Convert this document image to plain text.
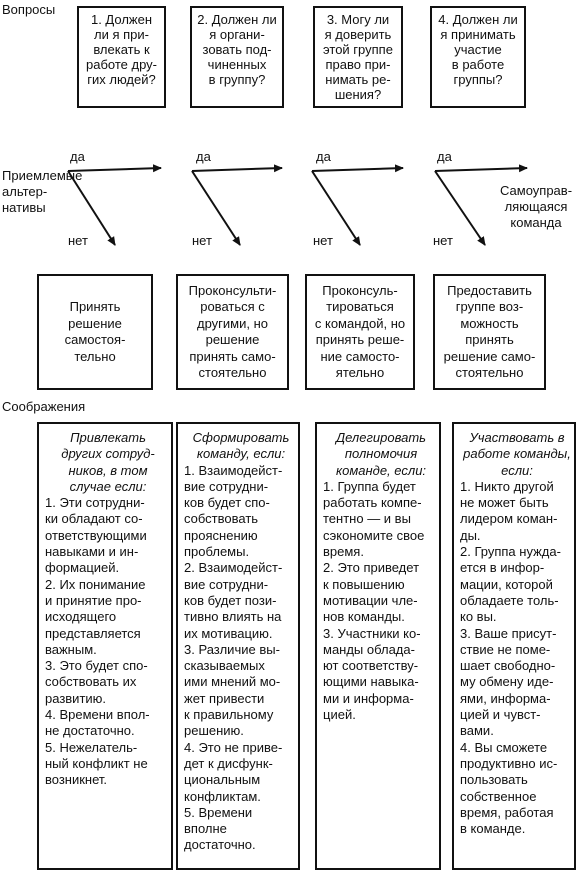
Вопросы
Приемлемые
альтер-
нативы
Соображения
1. Должен
ли я при-
влекать к
работе дру-
гих людей?
2. Должен ли
я органи-
зовать под-
чиненных
в группу?
3. Могу ли
я доверить
этой группе
право при-
нимать ре-
шения?
4. Должен ли
я принимать
участие
в работе
группы?
да	да	да	да
нет	нет	нет	нет
Самоуправ-
ляющаяся
команда
Принять
решение
самостоя-
тельно
Проконсульти-
роваться с
другими, но
решение
принять само-
стоятельно
Проконсуль-
тироваться
с командой, но
принять реше-
ние самосто-
ятельно
Предоставить
группе воз-
можность
принять
решение само-
стоятельно
Привлекать
других сотруд-
ников, в том
случае если:
1. Эти сотрудни-
ки обладают со-
ответствующими
навыками и ин-
формацией.
2. Их понимание
и принятие про-
исходящего
представляется
важным.
3. Это будет спо-
собствовать их
развитию.
4. Времени впол-
не достаточно.
5. Нежелатель-
ный конфликт не
возникнет.
Сформировать
команду, если:
1. Взаимодейст-
вие сотрудни-
ков будет спо-
собствовать
прояснению
проблемы.
2. Взаимодейст-
вие сотрудни-
ков будет пози-
тивно влиять на
их мотивацию.
3. Различие вы-
сказываемых
ими мнений мо-
жет привести
к правильному
решению.
4. Это не приве-
дет к дисфунк-
циональным
конфликтам.
5. Времени
вполне
достаточно.
Делегировать
полномочия
команде, если:
1. Группа будет
работать компе-
тентно — и вы
сэкономите свое
время.
2. Это приведет
к повышению
мотивации чле-
нов команды.
3. Участники ко-
манды облада-
ют соответству-
ющими навыка-
ми и информа-
цией.
Участвовать в
работе команды,
если:
1. Никто другой
не может быть
лидером коман-
ды.
2. Группа нужда-
ется в инфор-
мации, которой
обладаете толь-
ко вы.
3. Ваше присут-
ствие не поме-
шает свободно-
му обмену иде-
ями, информа-
цией и чувст-
вами.
4. Вы сможете
продуктивно ис-
пользовать
собственное
время, работая
в команде.
